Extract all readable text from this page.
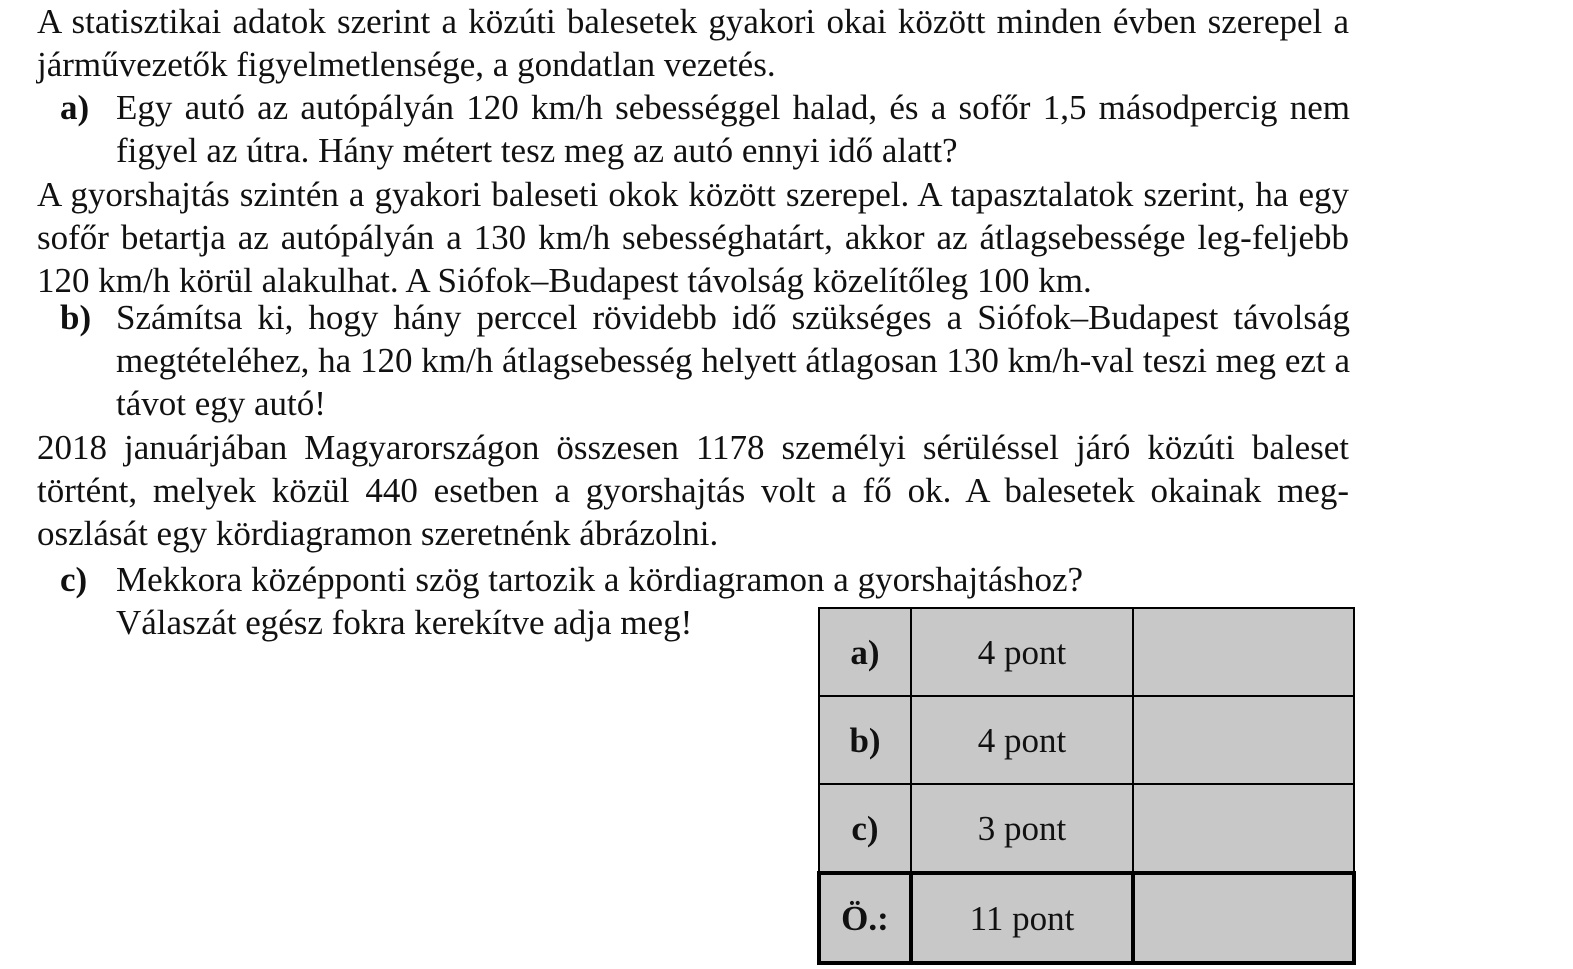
A statisztikai adatok szerint a közúti balesetek gyakori okai között minden évben szerepel a járművezetők figyelmetlensége, a gondatlan vezetés.

a) Egy autó az autópályán 120 km/h sebességgel halad, és a sofőr 1,5 másodpercig nem figyel az útra. Hány métert tesz meg az autó ennyi idő alatt?

A gyorshajtás szintén a gyakori baleseti okok között szerepel. A tapasztalatok szerint, ha egy sofőr betartja az autópályán a 130 km/h sebességhatárt, akkor az átlagsebessége leg-feljebb 120 km/h körül alakulhat. A Siófok–Budapest távolság közelítőleg 100 km.

b) Számítsa ki, hogy hány perccel rövidebb idő szükséges a Siófok–Budapest távolság megtételéhez, ha 120 km/h átlagsebesség helyett átlagosan 130 km/h-val teszi meg ezt a távot egy autó!

2018 januárjában Magyarországon összesen 1178 személyi sérüléssel járó közúti baleset történt, melyek közül 440 esetben a gyorshajtás volt a fő ok. A balesetek okainak meg-oszlását egy kördiagramon szeretnénk ábrázolni.

c) Mekkora középponti szög tartozik a kördiagramon a gyorshajtáshoz?
Válaszát egész fokra kerekítve adja meg!
a)	4 pont	
b)	4 pont	
c)	3 pont	
Ö.:	11 pont	
